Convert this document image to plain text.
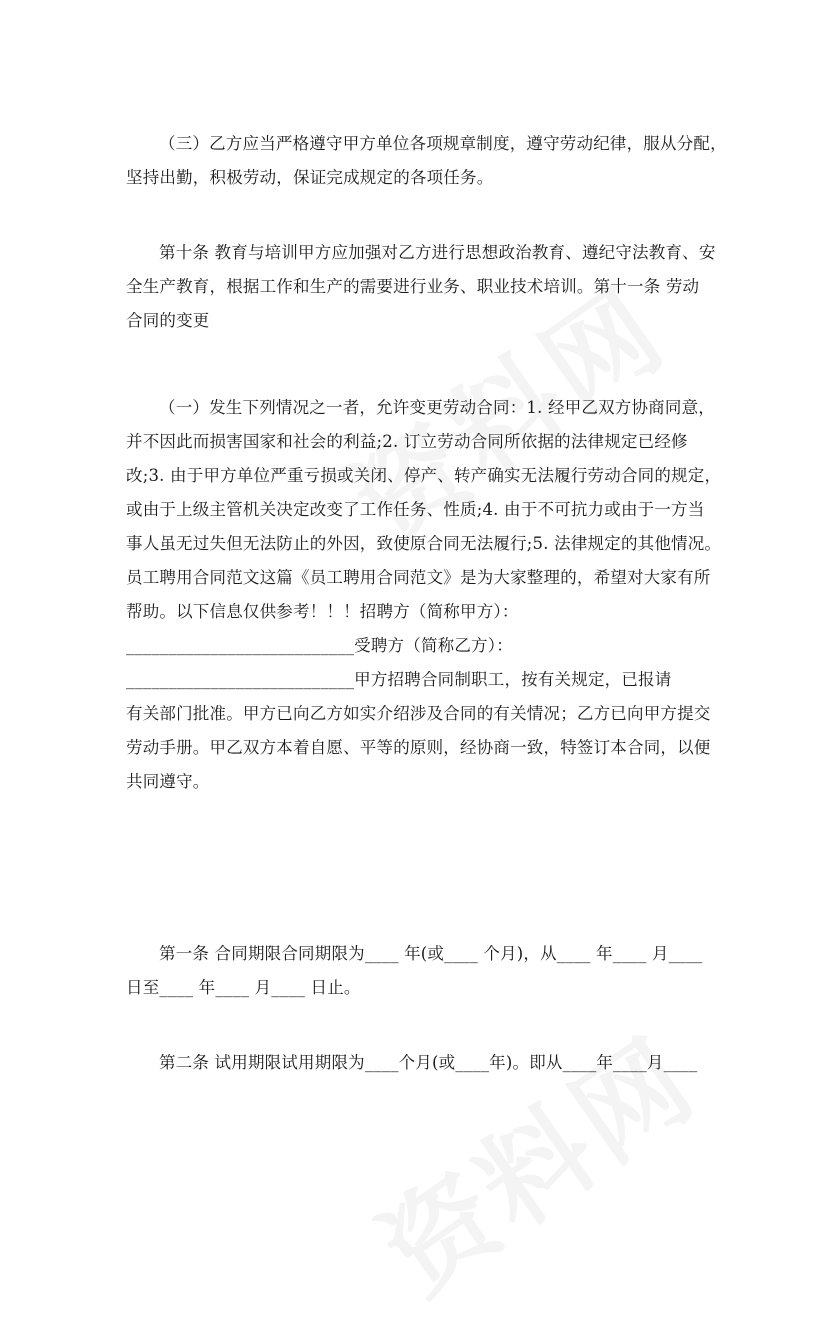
（三）乙方应当严格遵守甲方单位各项规章制度，遵守劳动纪律，服从分配，
坚持出勤，积极劳动，保证完成规定的各项任务。
第十条 教育与培训甲方应加强对乙方进行思想政治教育、遵纪守法教育、安
全生产教育，根据工作和生产的需要进行业务、职业技术培训。第十一条 劳动
合同的变更
（一）发生下列情况之一者，允许变更劳动合同：1. 经甲乙双方协商同意，
并不因此而损害国家和社会的利益;2. 订立劳动合同所依据的法律规定已经修
改;3. 由于甲方单位严重亏损或关闭、停产、转产确实无法履行劳动合同的规定，
或由于上级主管机关决定改变了工作任务、性质;4. 由于不可抗力或由于一方当
事人虽无过失但无法防止的外因，致使原合同无法履行;5. 法律规定的其他情况。
员工聘用合同范文这篇《员工聘用合同范文》是为大家整理的，希望对大家有所
帮助。以下信息仅供参考！！！招聘方（简称甲方）：
___________________________受聘方（简称乙方）：
___________________________甲方招聘合同制职工，按有关规定，已报请
有关部门批准。甲方已向乙方如实介绍涉及合同的有关情况；乙方已向甲方提交
劳动手册。甲乙双方本着自愿、平等的原则，经协商一致，特签订本合同，以便
共同遵守。
第一条 合同期限合同期限为____ 年(或____ 个月)，从____ 年____ 月____
日至____ 年____ 月____ 日止。
第二条 试用期限试用期限为____个月(或____年)。即从____年____月____
